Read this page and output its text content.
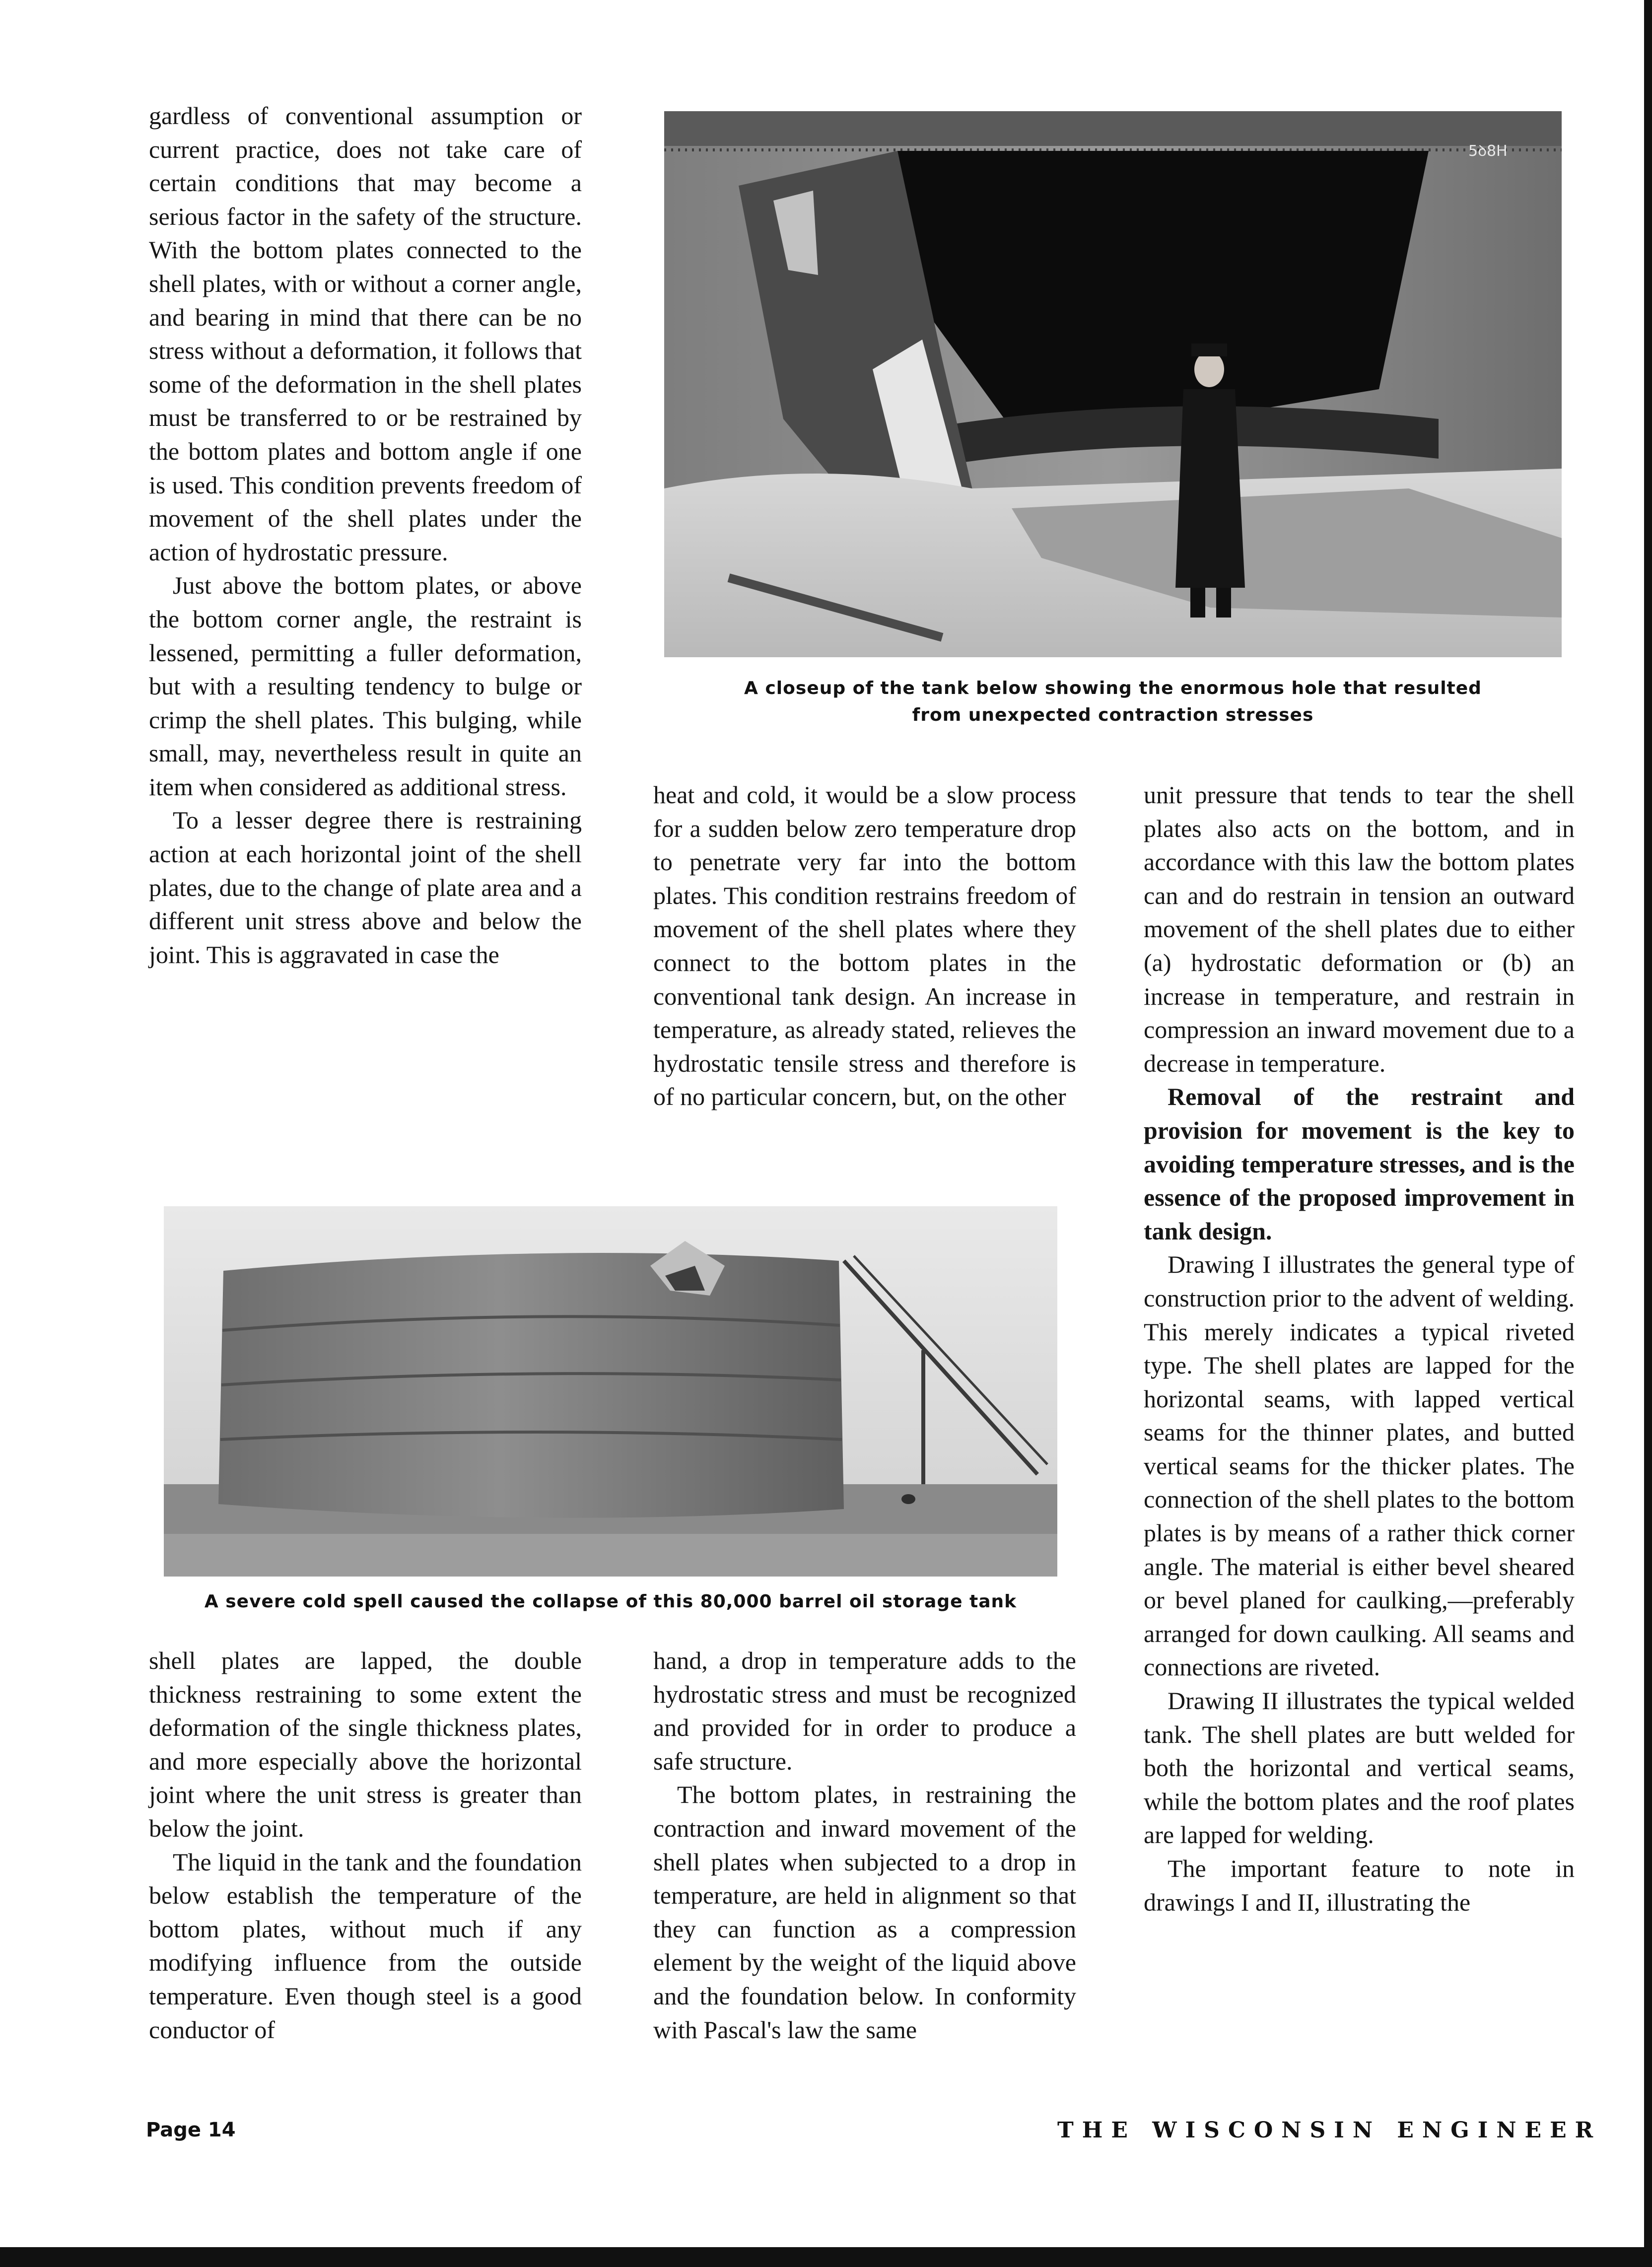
gardless of conventional assumption or current practice, does not take care of certain conditions that may become a serious factor in the safety of the structure. With the bottom plates connected to the shell plates, with or without a corner angle, and bearing in mind that there can be no stress without a deformation, it follows that some of the deformation in the shell plates must be transferred to or be restrained by the bottom plates and bottom angle if one is used. This condition prevents freedom of movement of the shell plates under the action of hydrostatic pressure.

Just above the bottom plates, or above the bottom corner angle, the restraint is lessened, permitting a fuller deformation, but with a resulting tendency to bulge or crimp the shell plates. This bulging, while small, may, nevertheless result in quite an item when considered as additional stress.

To a lesser degree there is restraining action at each horizontal joint of the shell plates, due to the change of plate area and a different unit stress above and below the joint. This is aggravated in case the

5ꝺ8H
A closeup of the tank below showing the enormous hole that resulted
from unexpected contraction stresses

heat and cold, it would be a slow process for a sudden below zero temperature drop to penetrate very far into the bottom plates. This condition restrains freedom of movement of the shell plates where they connect to the bottom plates in the conventional tank design. An increase in temperature, as already stated, relieves the hydrostatic tensile stress and therefore is of no particular concern, but, on the other

unit pressure that tends to tear the shell plates also acts on the bottom, and in accordance with this law the bottom plates can and do restrain in tension an outward movement of the shell plates due to either (a) hydrostatic deformation or (b) an increase in temperature, and restrain in compression an inward movement due to a decrease in temperature.

Removal of the restraint and provision for movement is the key to avoiding temperature stresses, and is the essence of the proposed improvement in tank design.

Drawing I illustrates the general type of construction prior to the advent of welding. This merely indicates a typical riveted type. The shell plates are lapped for the horizontal seams, with lapped vertical seams for the thinner plates, and butted vertical seams for the thicker plates. The connection of the shell plates to the bottom plates is by means of a rather thick corner angle. The material is either bevel sheared or bevel planed for caulking,—preferably arranged for down caulking. All seams and connections are riveted.

Drawing II illustrates the typical welded tank. The shell plates are butt welded for both the horizontal and vertical seams, while the bottom plates and the roof plates are lapped for welding.

The important feature to note in drawings I and II, illustrating the

A severe cold spell caused the collapse of this 80,000 barrel oil storage tank

shell plates are lapped, the double thickness restraining to some extent the deformation of the single thickness plates, and more especially above the horizontal joint where the unit stress is greater than below the joint.

The liquid in the tank and the foundation below establish the temperature of the bottom plates, without much if any modifying influence from the outside temperature. Even though steel is a good conductor of

hand, a drop in temperature adds to the hydrostatic stress and must be recognized and provided for in order to produce a safe structure.

The bottom plates, in restraining the contraction and inward movement of the shell plates when subjected to a drop in temperature, are held in alignment so that they can function as a compression element by the weight of the liquid above and the foundation below. In conformity with Pascal's law the same

Page 14	THE WISCONSIN ENGINEER
